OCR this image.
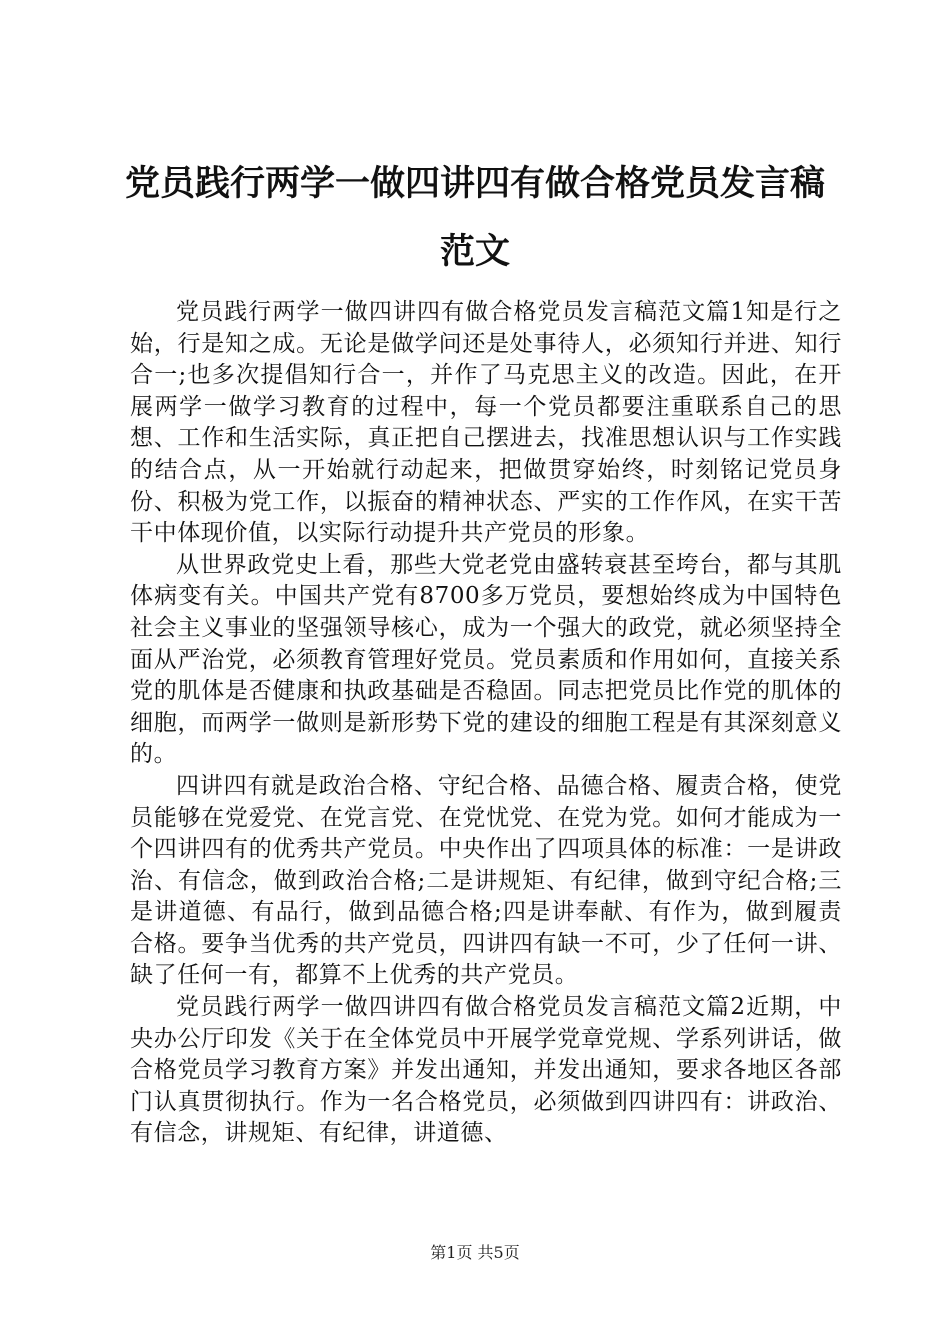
党员践行两学一做四讲四有做合格党员发言稿范文

党员践行两学一做四讲四有做合格党员发言稿范文篇1知是行之始，行是知之成。无论是做学问还是处事待人，必须知行并进、知行合一;也多次提倡知行合一，并作了马克思主义的改造。因此，在开展两学一做学习教育的过程中，每一个党员都要注重联系自己的思想、工作和生活实际，真正把自己摆进去，找准思想认识与工作实践的结合点，从一开始就行动起来，把做贯穿始终，时刻铭记党员身份、积极为党工作，以振奋的精神状态、严实的工作作风，在实干苦干中体现价值，以实际行动提升共产党员的形象。

从世界政党史上看，那些大党老党由盛转衰甚至垮台，都与其肌体病变有关。中国共产党有8700多万党员，要想始终成为中国特色社会主义事业的坚强领导核心，成为一个强大的政党，就必须坚持全面从严治党，必须教育管理好党员。党员素质和作用如何，直接关系党的肌体是否健康和执政基础是否稳固。同志把党员比作党的肌体的细胞，而两学一做则是新形势下党的建设的细胞工程是有其深刻意义的。

四讲四有就是政治合格、守纪合格、品德合格、履责合格，使党员能够在党爱党、在党言党、在党忧党、在党为党。如何才能成为一个四讲四有的优秀共产党员。中央作出了四项具体的标准：一是讲政治、有信念，做到政治合格;二是讲规矩、有纪律，做到守纪合格;三是讲道德、有品行，做到品德合格;四是讲奉献、有作为，做到履责合格。要争当优秀的共产党员，四讲四有缺一不可，少了任何一讲、缺了任何一有，都算不上优秀的共产党员。

党员践行两学一做四讲四有做合格党员发言稿范文篇2近期，中央办公厅印发《关于在全体党员中开展学党章党规、学系列讲话，做合格党员学习教育方案》并发出通知，并发出通知，要求各地区各部门认真贯彻执行。作为一名合格党员，必须做到四讲四有：讲政治、有信念，讲规矩、有纪律，讲道德、

第1页 共5页
